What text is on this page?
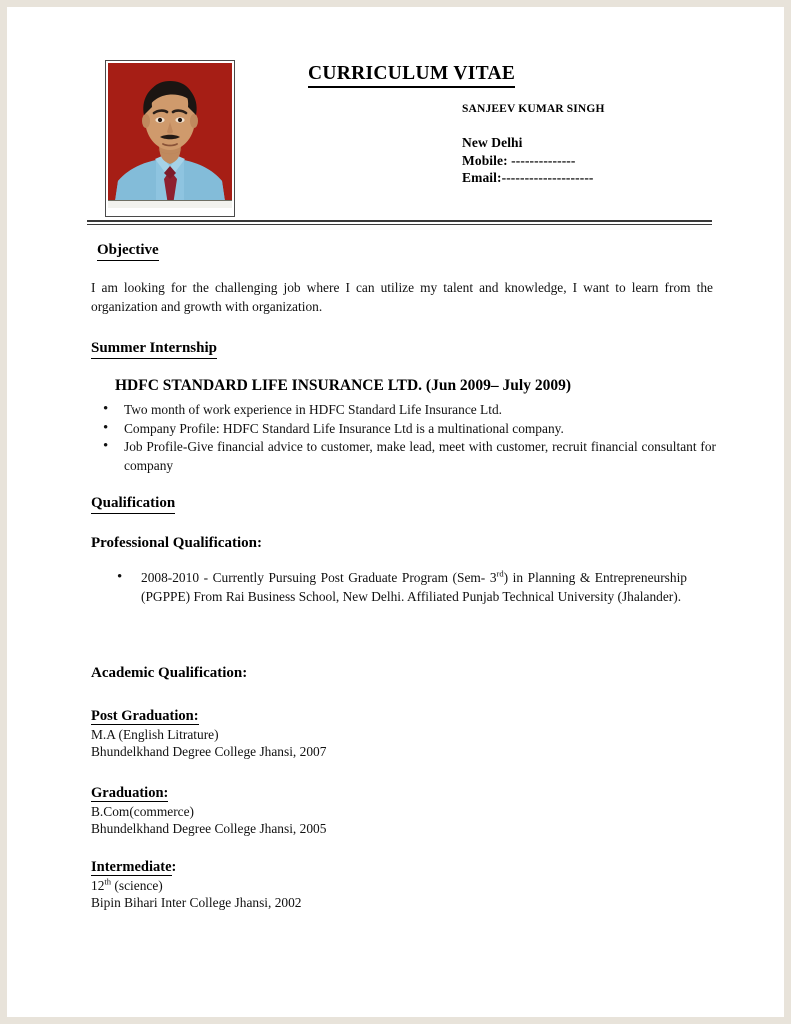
CURRICULUM VITAE
SANJEEV KUMAR SINGH
New Delhi
Mobile: --------------
Email:--------------------
Objective
I am looking for the challenging job where I can utilize my talent and knowledge, I want to learn from the organization and growth with organization.
Summer Internship
HDFC STANDARD LIFE INSURANCE LTD. (Jun 2009– July 2009)
• Two month of work experience in HDFC Standard Life Insurance Ltd.
• Company Profile: HDFC Standard Life Insurance Ltd is a multinational company.
• Job Profile-Give financial advice to customer, make lead, meet with customer, recruit financial consultant for company
Qualification
Professional Qualification:
• 2008-2010 - Currently Pursuing Post Graduate Program (Sem- 3rd) in Planning & Entrepreneurship (PGPPE) From Rai Business School, New Delhi. Affiliated Punjab Technical University (Jhalander).
Academic Qualification:
Post Graduation:
M.A (English Litrature)
Bhundelkhand Degree College Jhansi, 2007
Graduation:
B.Com(commerce)
Bhundelkhand Degree College Jhansi, 2005
Intermediate:
12th (science)
Bipin Bihari Inter College Jhansi, 2002
